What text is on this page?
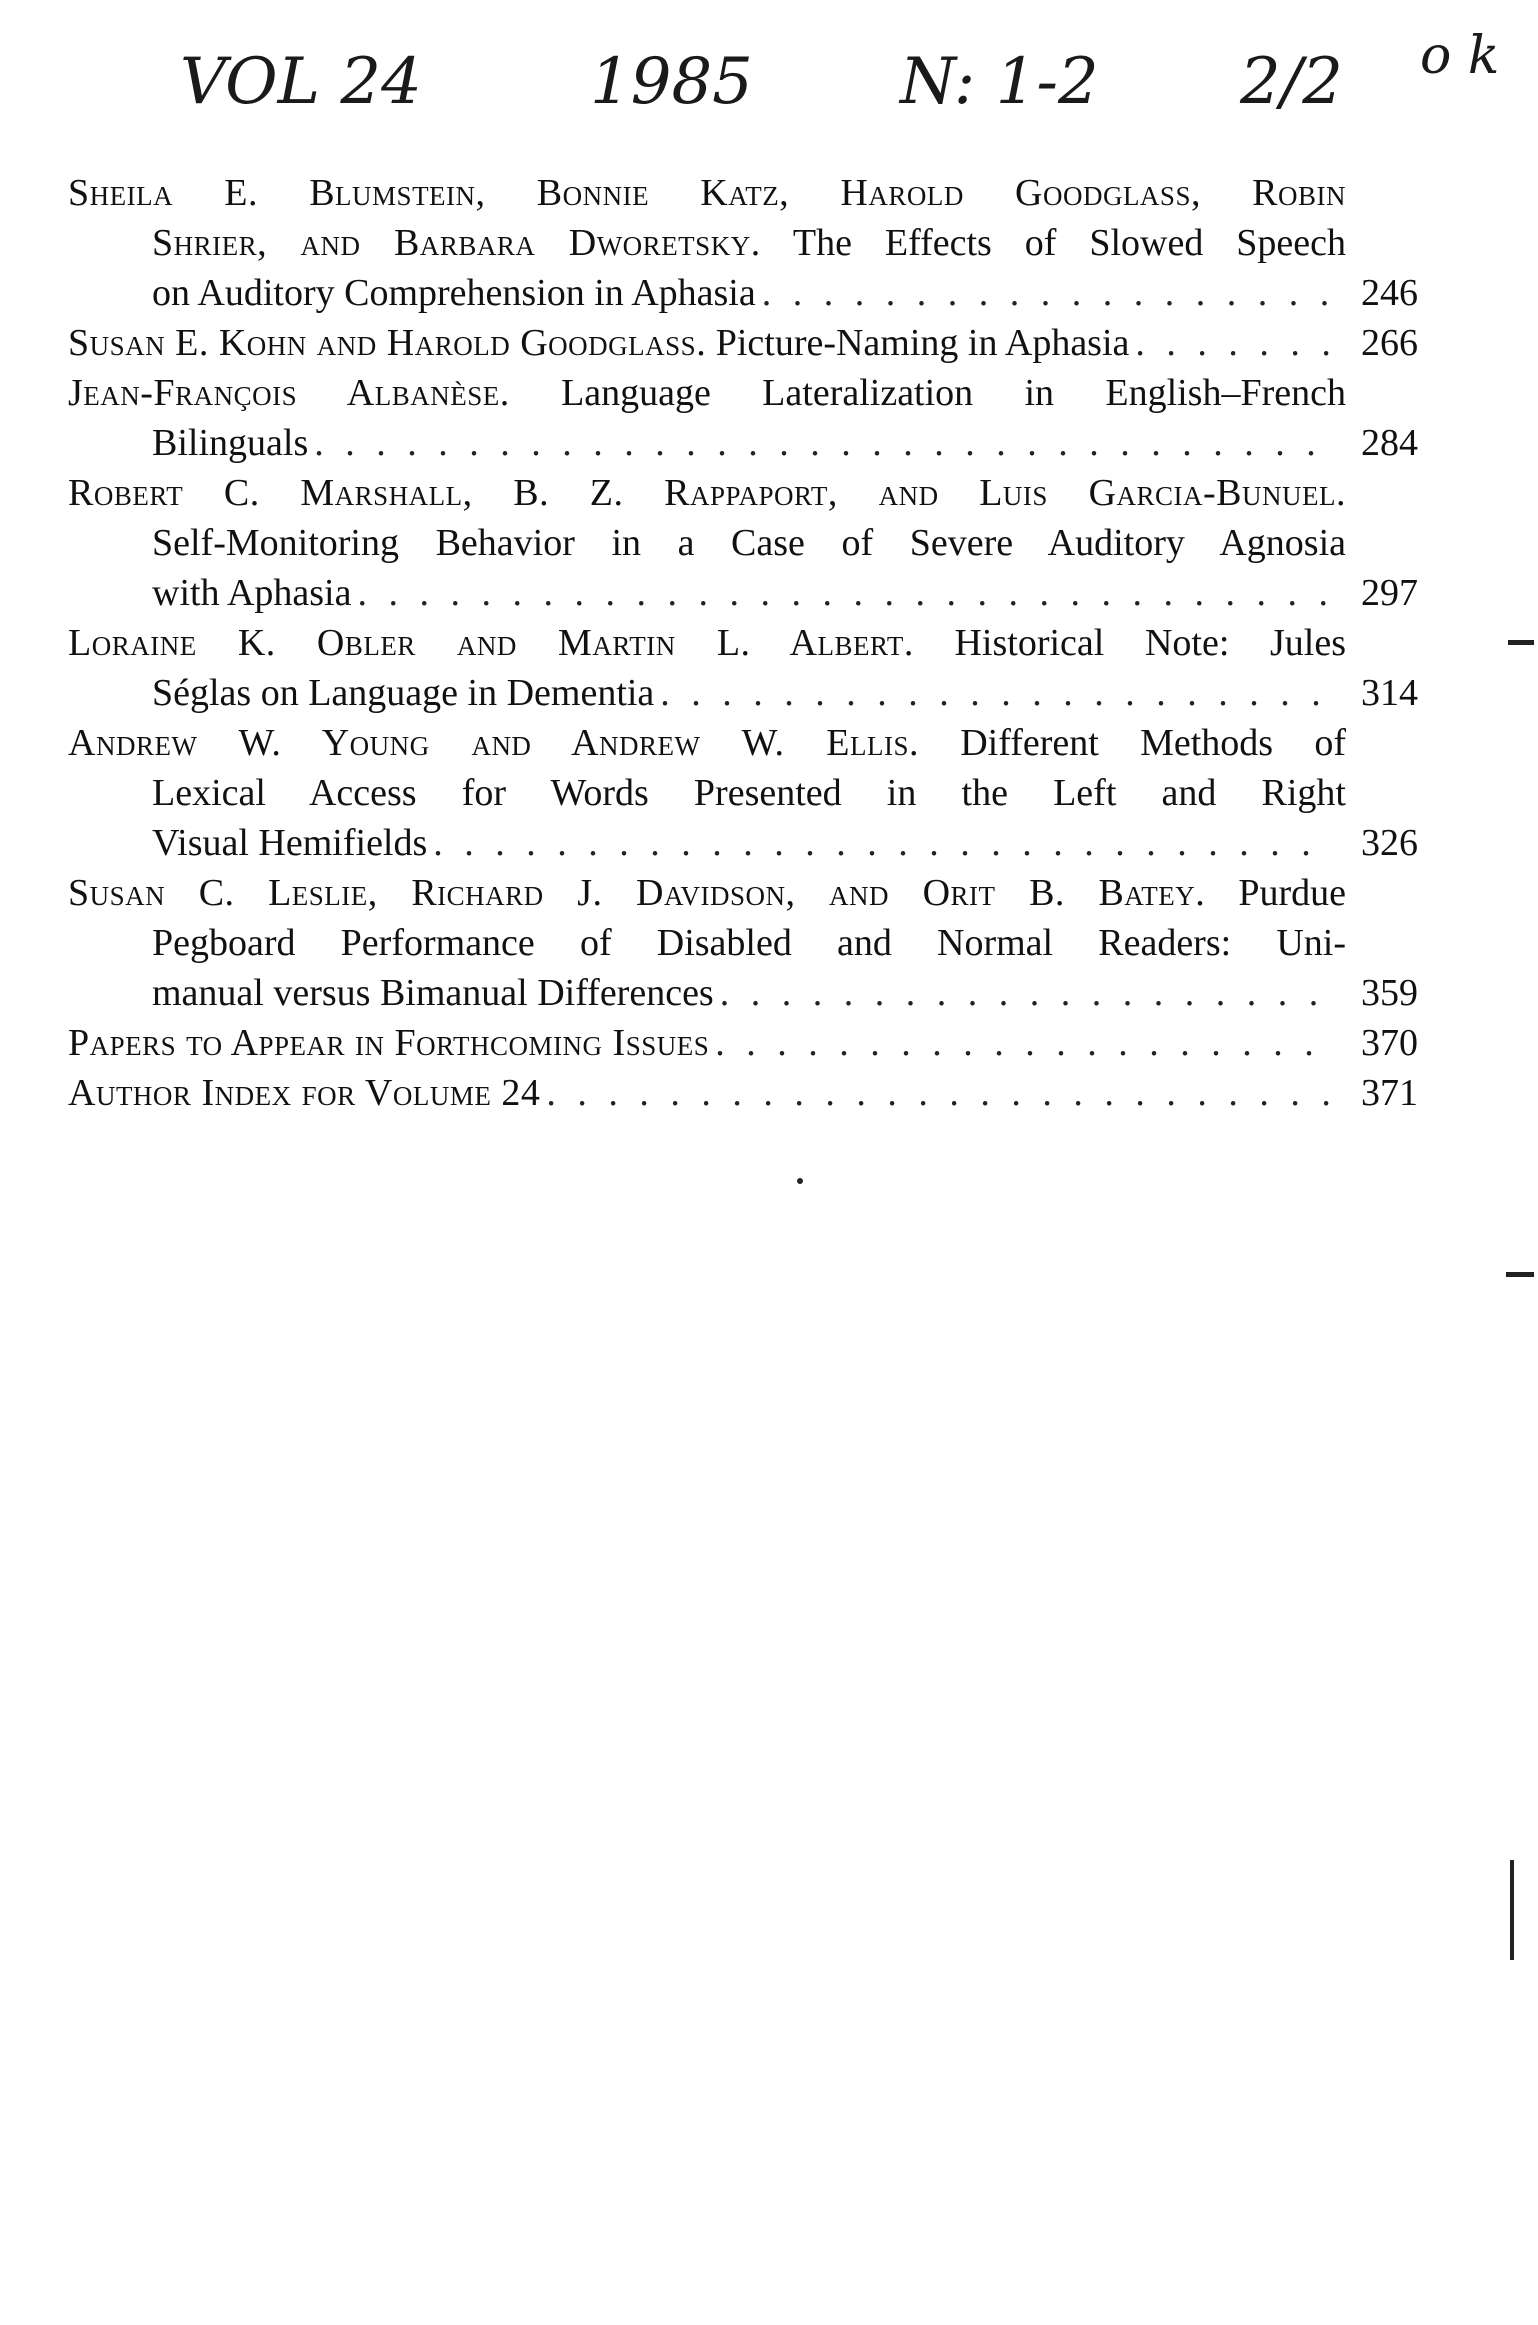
VOL 24	1985 N: 1-2 2/2 o k
Sheila E. Blumstein, Bonnie Katz, Harold Goodglass, Robin
Shrier, and Barbara Dworetsky. The Effects of Slowed Speech
on Auditory Comprehension in Aphasia . . .	246
Susan E. Kohn and Harold Goodglass. Picture-Naming in Aphasia . . .	266
Jean-François Albanèse. Language Lateralization in English–French
Bilinguals . . .	284
Robert C. Marshall, B. Z. Rappaport, and Luis Garcia-Bunuel.
Self-Monitoring Behavior in a Case of Severe Auditory Agnosia
with Aphasia . . .	297
Loraine K. Obler and Martin L. Albert. Historical Note: Jules
Séglas on Language in Dementia . . .	314
Andrew W. Young and Andrew W. Ellis. Different Methods of
Lexical Access for Words Presented in the Left and Right
Visual Hemifields . . .	326
Susan C. Leslie, Richard J. Davidson, and Orit B. Batey. Purdue
Pegboard Performance of Disabled and Normal Readers: Uni-
manual versus Bimanual Differences . . .	359
Papers to Appear in Forthcoming Issues . . .	370
Author Index for Volume 24 . . .	371
